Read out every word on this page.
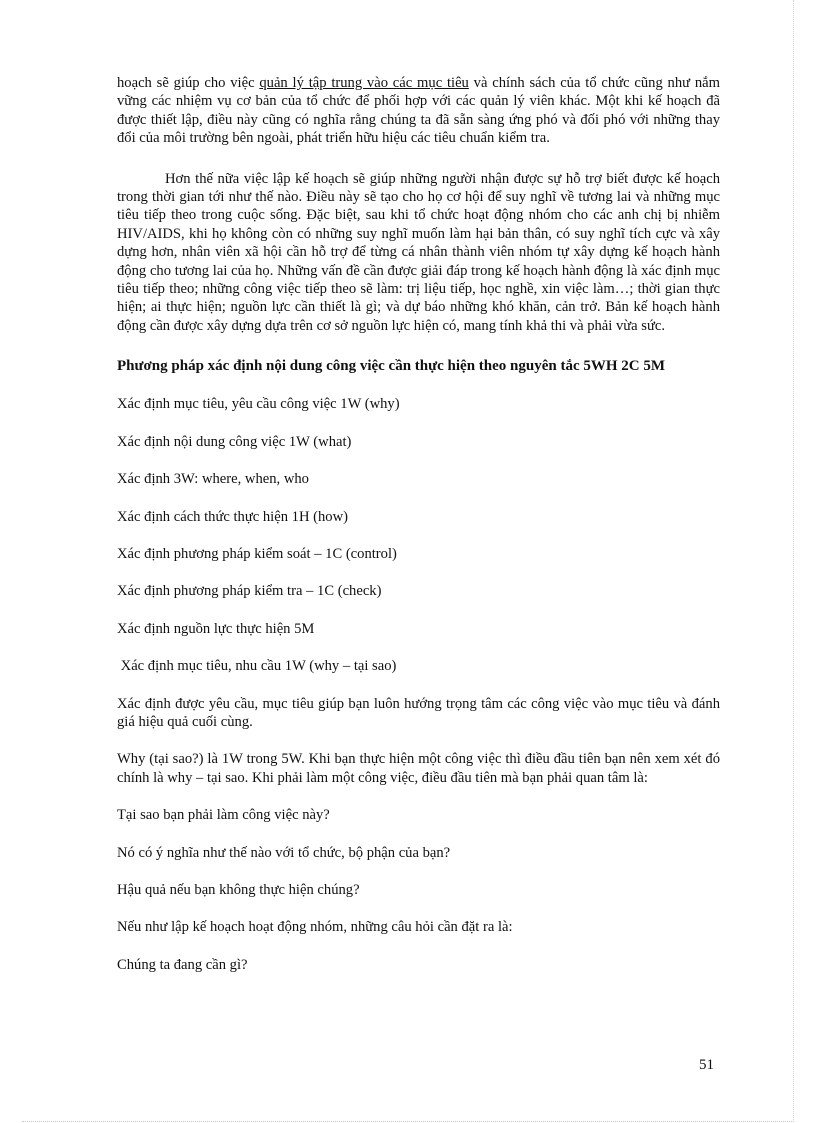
hoạch sẽ giúp cho việc quản lý tập trung vào các mục tiêu và chính sách của tổ chức cũng như nắm vững các nhiệm vụ cơ bản của tổ chức để phối hợp với các quản lý viên khác. Một khi kế hoạch đã được thiết lập, điều này cũng có nghĩa rằng chúng ta đã sẵn sàng ứng phó và đối phó với những thay đổi của môi trường bên ngoài, phát triển hữu hiệu các tiêu chuẩn kiểm tra.

Hơn thế nữa việc lập kế hoạch sẽ giúp những người nhận được sự hỗ trợ biết được kế hoạch trong thời gian tới như thế nào. Điều này sẽ tạo cho họ cơ hội để suy nghĩ về tương lai và những mục tiêu tiếp theo trong cuộc sống. Đặc biệt, sau khi tổ chức hoạt động nhóm cho các anh chị bị nhiễm HIV/AIDS, khi họ không còn có những suy nghĩ muốn làm hại bản thân, có suy nghĩ tích cực và xây dựng hơn, nhân viên xã hội cần hỗ trợ để từng cá nhân thành viên nhóm tự xây dựng kế hoạch hành động cho tương lai của họ. Những vấn đề cần được giải đáp trong kế hoạch hành động là xác định mục tiêu tiếp theo; những công việc tiếp theo sẽ làm: trị liệu tiếp, học nghề, xin việc làm…; thời gian thực hiện; ai thực hiện; nguồn lực cần thiết là gì; và dự báo những khó khăn, cản trở. Bản kế hoạch hành động cần được xây dựng dựa trên cơ sở nguồn lực hiện có, mang tính khả thi và phải vừa sức.

Phương pháp xác định nội dung công việc cần thực hiện theo nguyên tắc 5WH 2C 5M

Xác định mục tiêu, yêu cầu công việc 1W (why)

Xác định nội dung công việc 1W (what)

Xác định 3W: where, when, who

Xác định cách thức thực hiện 1H (how)

Xác định phương pháp kiểm soát – 1C (control)

Xác định phương pháp kiểm tra – 1C (check)

Xác định nguồn lực thực hiện 5M

Xác định mục tiêu, nhu cầu 1W (why – tại sao)

Xác định được yêu cầu, mục tiêu giúp bạn luôn hướng trọng tâm các công việc vào mục tiêu và đánh giá hiệu quả cuối cùng.

Why (tại sao?) là 1W trong 5W. Khi bạn thực hiện một công việc thì điều đầu tiên bạn nên xem xét đó chính là why – tại sao. Khi phải làm một công việc, điều đầu tiên mà bạn phải quan tâm là:

Tại sao bạn phải làm công việc này?

Nó có ý nghĩa như thế nào với tổ chức, bộ phận của bạn?

Hậu quả nếu bạn không thực hiện chúng?

Nếu như lập kế hoạch hoạt động nhóm, những câu hỏi cần đặt ra là:

Chúng ta đang cần gì?

51
